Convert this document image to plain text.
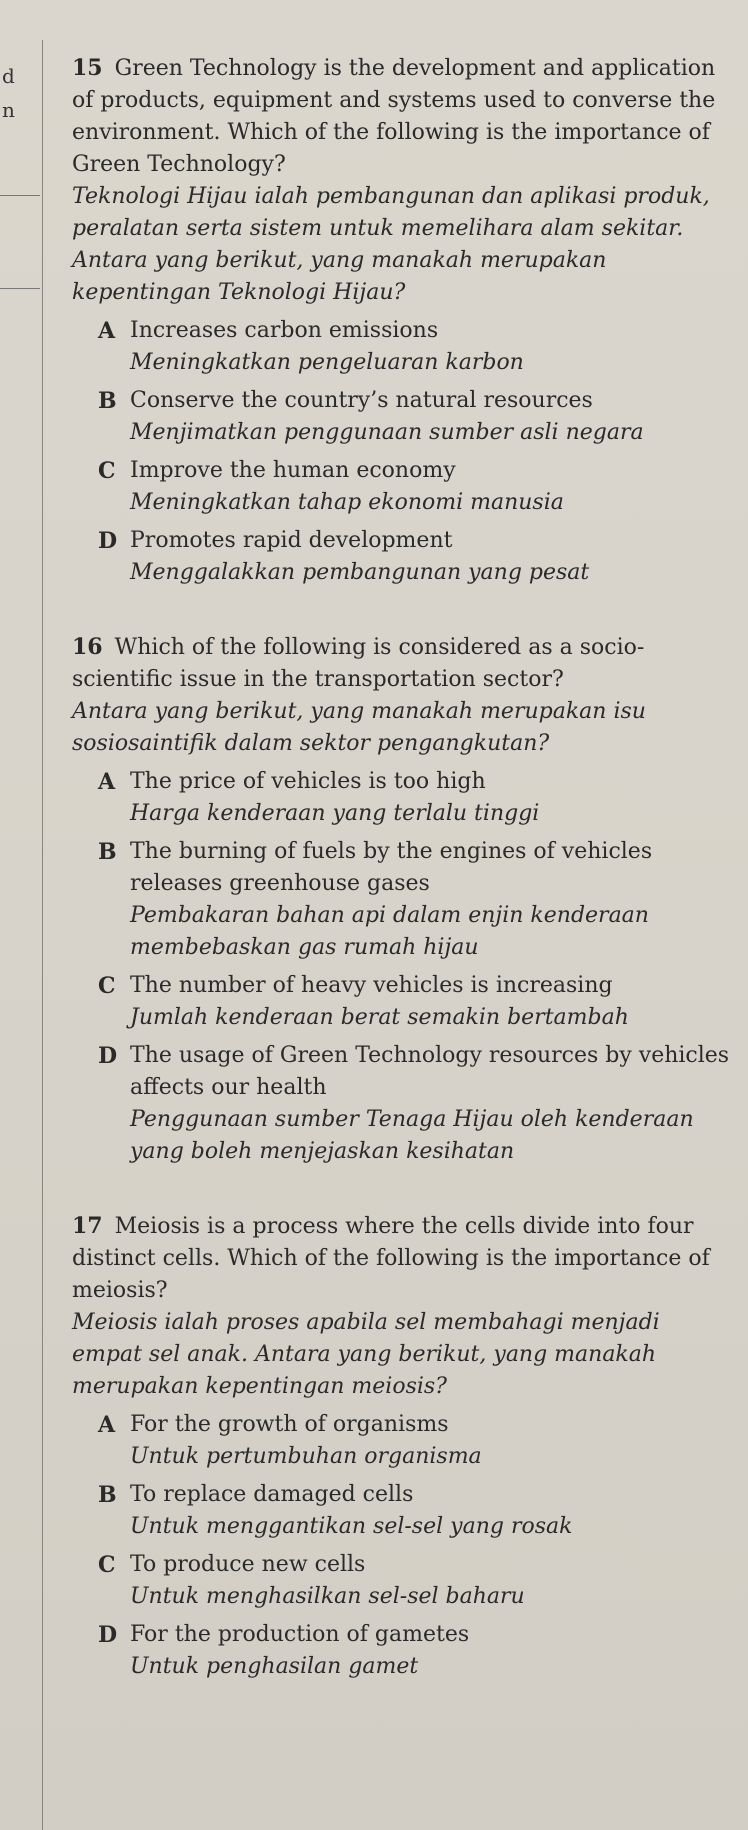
d
n
15 Green Technology is the development and application of products, equipment and systems used to converse the environment. Which of the following is the importance of Green Technology?
Teknologi Hijau ialah pembangunan dan aplikasi produk, peralatan serta sistem untuk memelihara alam sekitar. Antara yang berikut, yang manakah merupakan kepentingan Teknologi Hijau?
A Increases carbon emissions
Meningkatkan pengeluaran karbon
B Conserve the country’s natural resources
Menjimatkan penggunaan sumber asli negara
C Improve the human economy
Meningkatkan tahap ekonomi manusia
D Promotes rapid development
Menggalakkan pembangunan yang pesat
16 Which of the following is considered as a socio-scientific issue in the transportation sector?
Antara yang berikut, yang manakah merupakan isu sosiosaintifik dalam sektor pengangkutan?
A The price of vehicles is too high
Harga kenderaan yang terlalu tinggi
B The burning of fuels by the engines of vehicles releases greenhouse gases
Pembakaran bahan api dalam enjin kenderaan membebaskan gas rumah hijau
C The number of heavy vehicles is increasing
Jumlah kenderaan berat semakin bertambah
D The usage of Green Technology resources by vehicles affects our health
Penggunaan sumber Tenaga Hijau oleh kenderaan yang boleh menjejaskan kesihatan
17 Meiosis is a process where the cells divide into four distinct cells. Which of the following is the importance of meiosis?
Meiosis ialah proses apabila sel membahagi menjadi empat sel anak. Antara yang berikut, yang manakah merupakan kepentingan meiosis?
A For the growth of organisms
Untuk pertumbuhan organisma
B To replace damaged cells
Untuk menggantikan sel-sel yang rosak
C To produce new cells
Untuk menghasilkan sel-sel baharu
D For the production of gametes
Untuk penghasilan gamet
